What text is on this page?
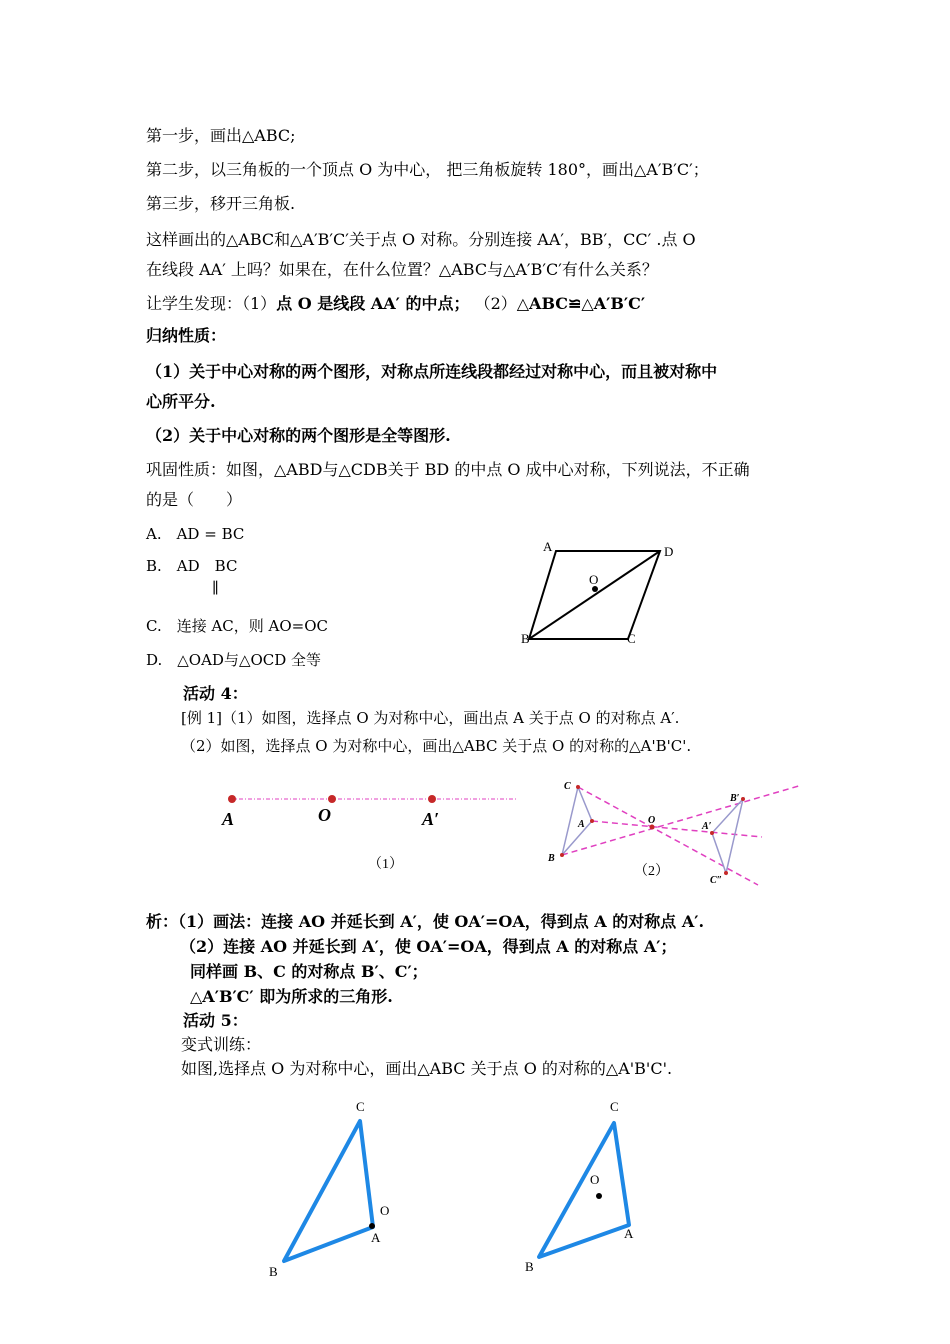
第一步，画出△ABC;
第二步，以三角板的一个顶点 O 为中心， 把三角板旋转 180°，画出△A′B′C′；
第三步，移开三角板.
这样画出的△ABC和△A′B′C′关于点 O 对称。分别连接 AA′，BB′，CC′ .点 O
在线段 AA′ 上吗？如果在，在什么位置？△ABC与△A′B′C′有什么关系？
让学生发现：（1）点 O 是线段 AA′ 的中点； （2）△ABC≌△A′B′C′
归纳性质：
（1）关于中心对称的两个图形，对称点所连线段都经过对称中心，而且被对称中
心所平分.
（2）关于中心对称的两个图形是全等图形.
巩固性质：如图，△ABD与△CDB关于 BD 的中点 O 成中心对称，下列说法，不正确
的是（　　）
A.　AD = BC
B.　AD　BC
∥
C.　连接 AC，则 AO=OC
D.　△OAD与△OCD 全等
A	D
O
B	C
活动 4：
[例 1]（1）如图，选择点 O 为对称中心，画出点 A 关于点 O 的对称点 A′.
（2）如图，选择点 O 为对称中心，画出△ABC 关于点 O 的对称的△A'B'C'.
A	O	A′
（1）
C
A
B
O
B′
A′
C″
（2）
析：（1）画法：连接 AO 并延长到 A′，使 OA′=OA，得到点 A 的对称点 A′.
（2）连接 AO 并延长到 A′，使 OA′=OA，得到点 A 的对称点 A′；
同样画 B、C 的对称点 B′、C′；
△A′B′C′ 即为所求的三角形.
活动 5：
变式训练：
如图,选择点 O 为对称中心，画出△ABC 关于点 O 的对称的△A'B'C'.
C
O
A
B
C
O
A
B
